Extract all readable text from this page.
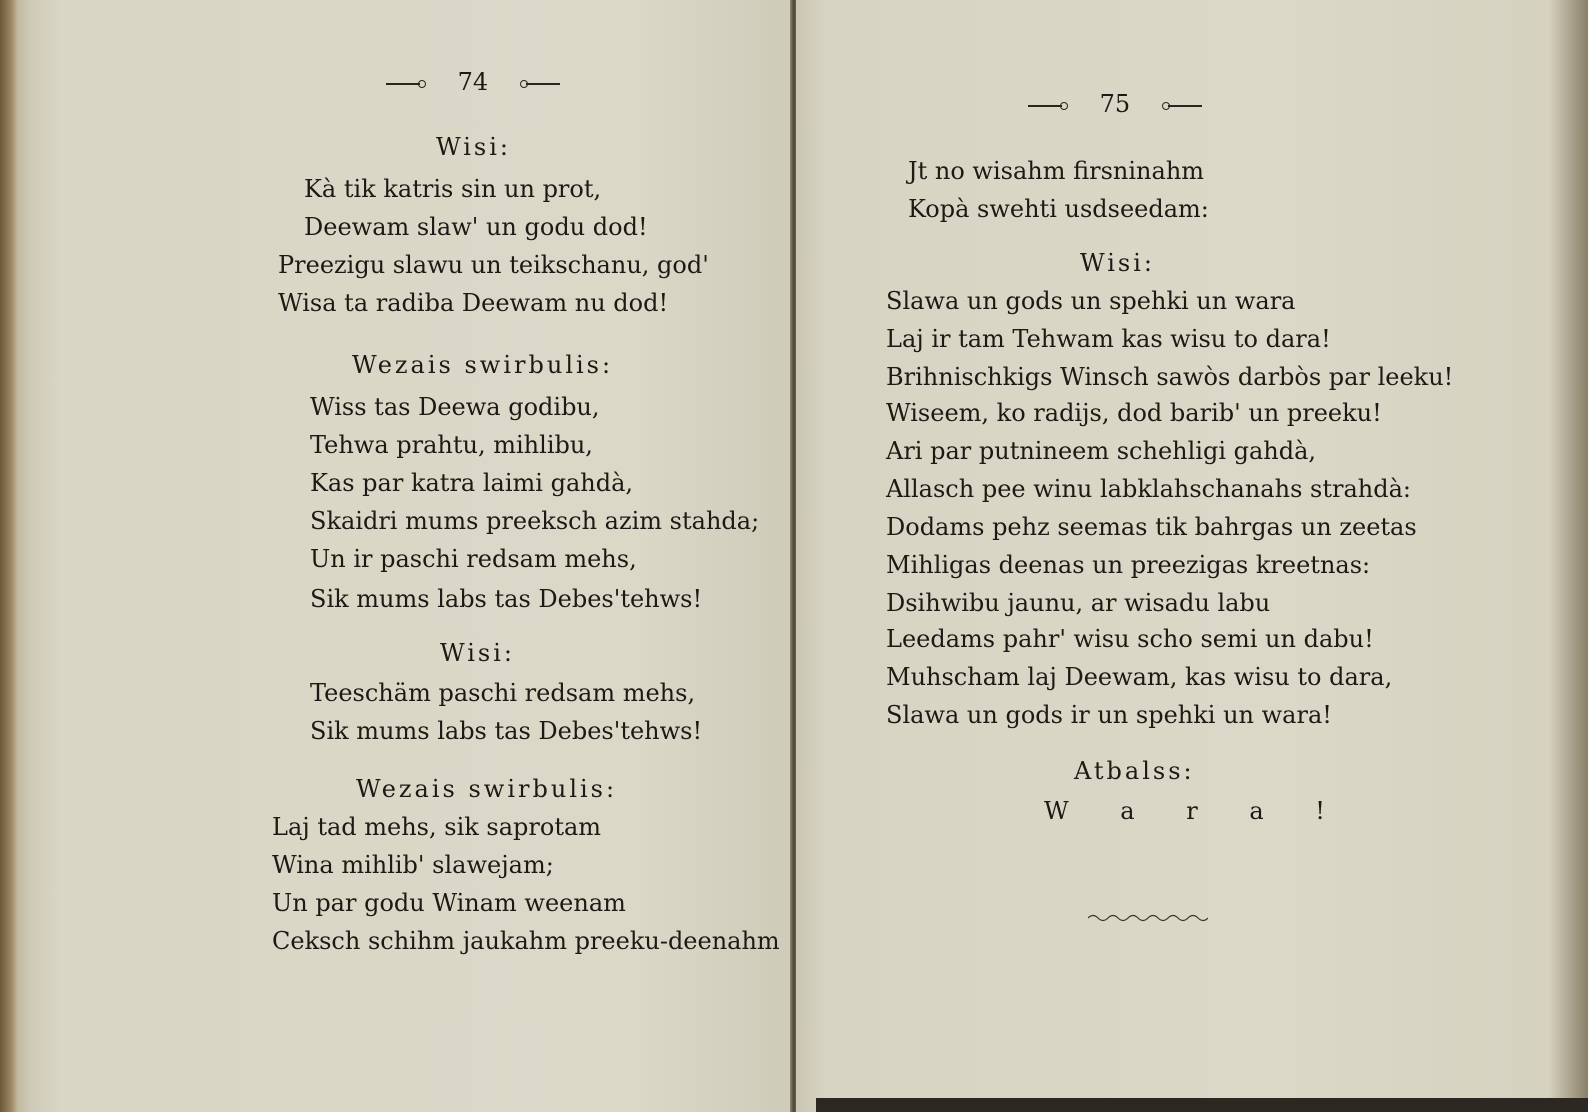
74
Wisi:
Kà tik katris sin un prot,
Deewam slaw' un godu dod!
Preezigu slawu un teikschanu, god'
Wisa ta radiba Deewam nu dod!
Wezais swirbulis:
Wiss tas Deewa godibu,
Tehwa prahtu, mihlibu,
Kas par katra laimi gahdà,
Skaidri mums preeksch azim stahda;
Un ir paschi redsam mehs,
Sik mums labs tas Debes'tehws!
Wisi:
Teeschäm paschi redsam mehs,
Sik mums labs tas Debes'tehws!
Wezais swirbulis:
Laj tad mehs, sik saprotam
Wina mihlib' slawejam;
Un par godu Winam weenam
Ceksch schihm jaukahm preeku-deenahm
75
Jt no wisahm firsninahm
Kopà swehti usdseedam:
Wisi:
Slawa un gods un spehki un wara
Laj ir tam Tehwam kas wisu to dara!
Brihnischkigs Winsch sawòs darbòs par leeku!
Wiseem, ko radijs, dod barib' un preeku!
Ari par putnineem schehligi gahdà,
Allasch pee winu labklahschanahs strahdà:
Dodams pehz seemas tik bahrgas un zeetas
Mihligas deenas un preezigas kreetnas:
Dsihwibu jaunu, ar wisadu labu
Leedams pahr' wisu scho semi un dabu!
Muhscham laj Deewam, kas wisu to dara,
Slawa un gods ir un spehki un wara!
Atbalss:
W a r a !
